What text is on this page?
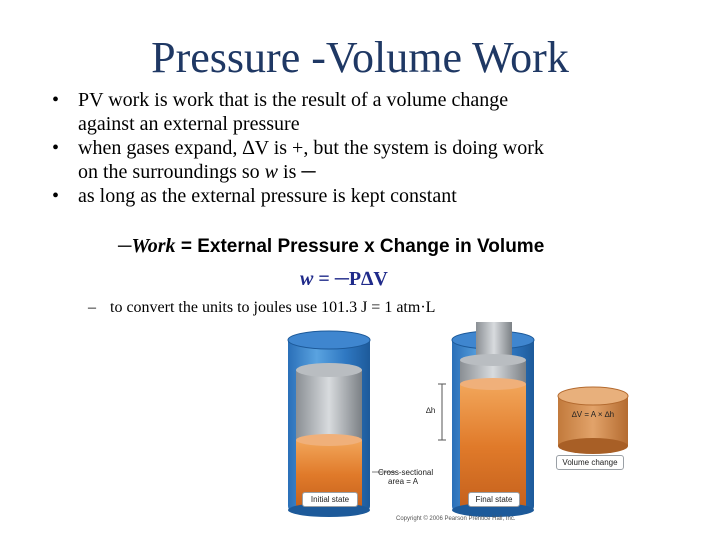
Pressure -Volume Work
• PV work is work that is the result of a volume change
against an external pressure
• when gases expand, ∆V is +, but the system is doing work
on the surroundings so w is ─
• as long as the external pressure is kept constant
─Work = External Pressure x Change in Volume
w = ─P∆V
– to convert the units to joules use 101.3 J = 1 atm·L
∆h	∆V = A × ∆h
Cross-sectional
area = A
Volume change
Initial state	Final state
Copyright © 2006 Pearson Prentice Hall, Inc.
